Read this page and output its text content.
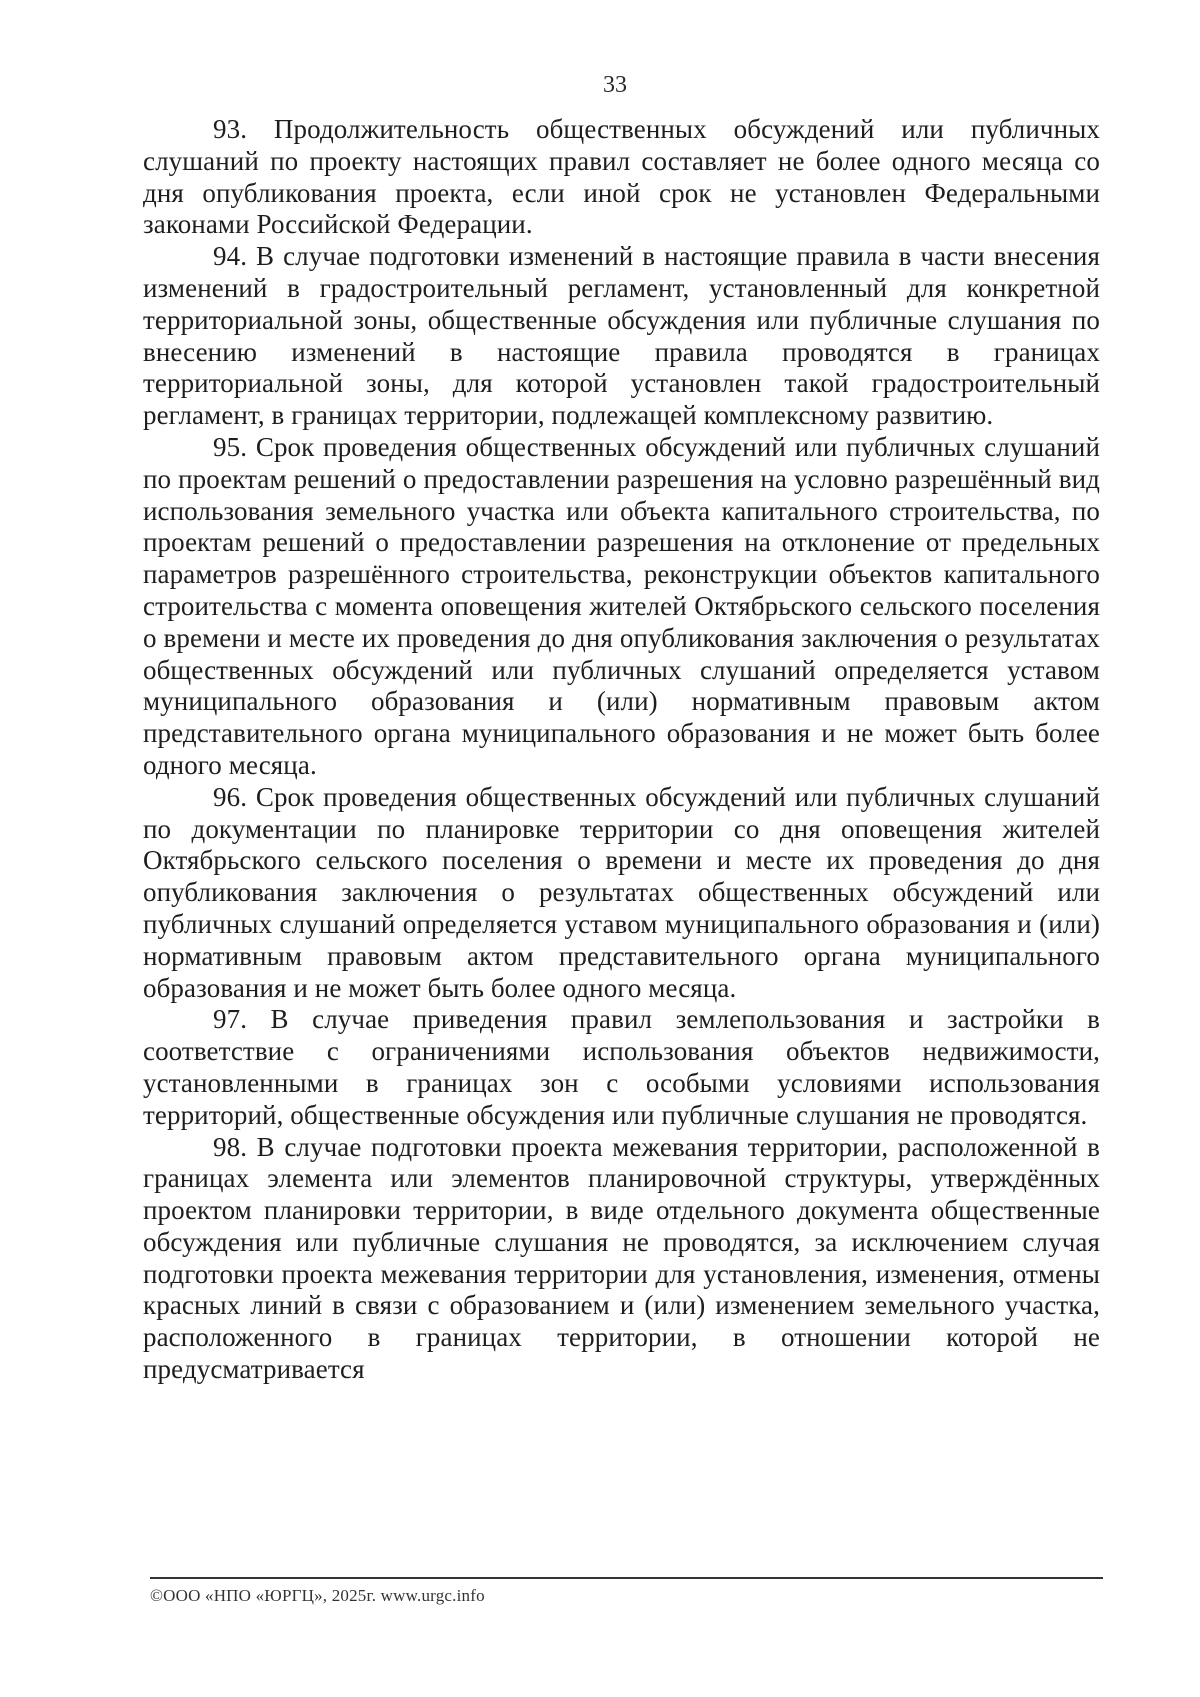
33

93. Продолжительность общественных обсуждений или публичных слушаний по проекту настоящих правил составляет не более одного месяца со дня опубликования проекта, если иной срок не установлен Федеральными законами Российской Федерации.

94. В случае подготовки изменений в настоящие правила в части внесения изменений в градостроительный регламент, установленный для конкретной территориальной зоны, общественные обсуждения или публичные слушания по внесению изменений в настоящие правила проводятся в границах территориальной зоны, для которой установлен такой градостроительный регламент, в границах территории, подлежащей комплексному развитию.

95. Срок проведения общественных обсуждений или публичных слушаний по проектам решений о предоставлении разрешения на условно разрешённый вид использования земельного участка или объекта капитального строительства, по проектам решений о предоставлении разрешения на отклонение от предельных параметров разрешённого строительства, реконструкции объектов капитального строительства с момента оповещения жителей Октябрьского сельского поселения о времени и месте их проведения до дня опубликования заключения о результатах общественных обсуждений или публичных слушаний определяется уставом муниципального образования и (или) нормативным правовым актом представительного органа муниципального образования и не может быть более одного месяца.

96. Срок проведения общественных обсуждений или публичных слушаний по документации по планировке территории со дня оповещения жителей Октябрьского сельского поселения о времени и месте их проведения до дня опубликования заключения о результатах общественных обсуждений или публичных слушаний определяется уставом муниципального образования и (или) нормативным правовым актом представительного органа муниципального образования и не может быть более одного месяца.

97. В случае приведения правил землепользования и застройки в соответствие с ограничениями использования объектов недвижимости, установленными в границах зон с особыми условиями использования территорий, общественные обсуждения или публичные слушания не проводятся.

98. В случае подготовки проекта межевания территории, расположенной в границах элемента или элементов планировочной структуры, утверждённых проектом планировки территории, в виде отдельного документа общественные обсуждения или публичные слушания не проводятся, за исключением случая подготовки проекта межевания территории для установления, изменения, отмены красных линий в связи с образованием и (или) изменением земельного участка, расположенного в границах территории, в отношении которой не предусматривается

©ООО «НПО «ЮРГЦ», 2025г. www.urgc.info
